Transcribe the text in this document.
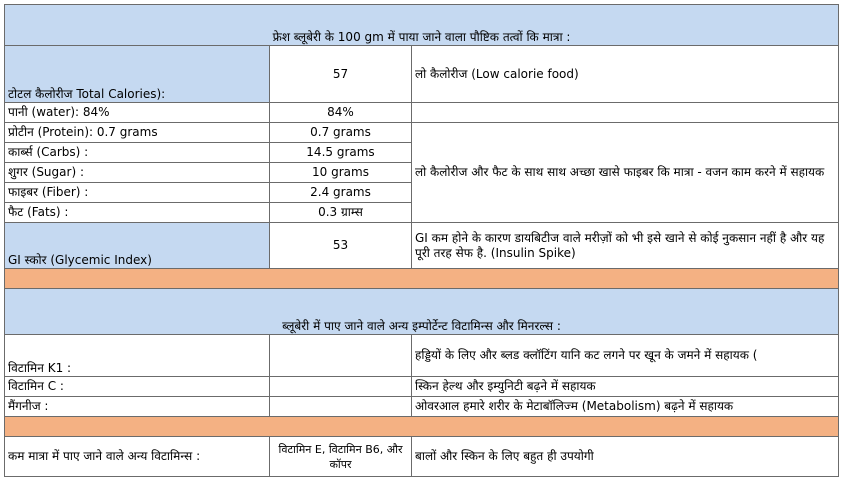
फ्रेश ब्लूबेरी के 100 gm में पाया जाने वाला पौष्टिक तत्वों कि मात्रा :		
टोटल कैलोरीज Total Calories):	57	लो कैलोरीज (Low calorie food)
पानी (water): 84%	84%	
प्रोटीन (Protein): 0.7 grams	0.7 grams	लो कैलोरीज और फैट के साथ साथ अच्छा खासे फाइबर कि मात्रा - वजन काम करने में सहायक
कार्ब्स (Carbs) :	14.5 grams	
शुगर (Sugar) :	10 grams	
फाइबर (Fiber) :	2.4 grams	
फैट (Fats) :	0.3 ग्राम्स	
GI स्कोर (Glycemic Index)	53	GI कम होने के कारण डायबिटीज वाले मरीज़ों को भी इसे खाने से कोई नुकसान नहीं है और यह पूरी तरह सेफ है. (Insulin Spike)

ब्लूबेरी में पाए जाने वाले अन्य इम्पोर्टेन्ट विटामिन्स और मिनरल्स :		
विटामिन K1 :		हड्डियों के लिए और ब्लड क्लॉटिंग यानि कट लगने पर खून के जमने में सहायक (
विटामिन C :		स्किन हेल्थ और इम्युनिटी बढ़ने में सहायक
मैंगनीज :		ओवरआल हमारे शरीर के मेटाबॉलिज्म (Metabolism) बढ़ने में सहायक

कम मात्रा में पाए जाने वाले अन्य विटामिन्स :	विटामिन E, विटामिन B6, और कॉपर	बालों और स्किन के लिए बहुत ही उपयोगी
